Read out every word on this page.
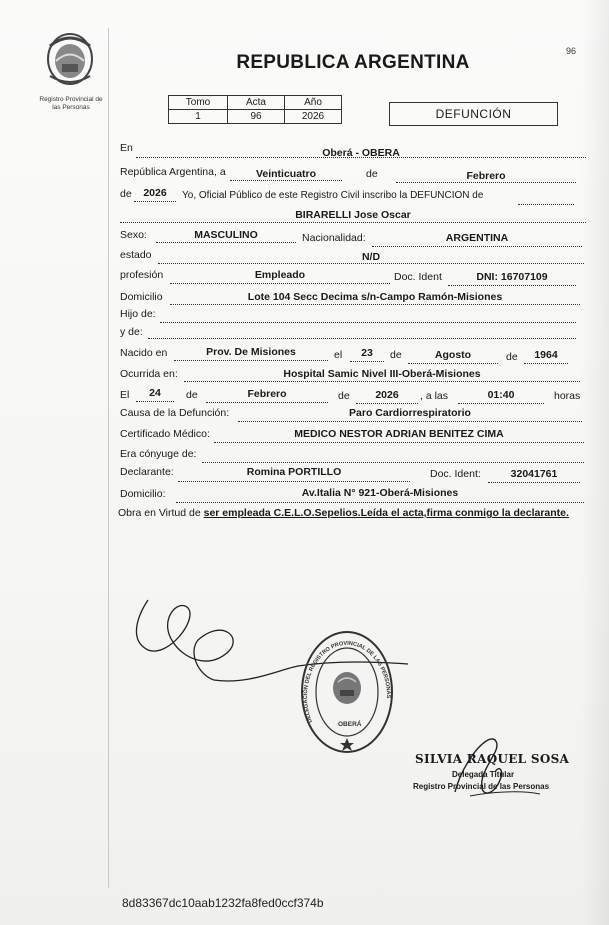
Registro Provincial de
las Personas
96
REPUBLICA ARGENTINA
Tomo	Acta	Año
1	96	2026	DEFUNCIÓN
En	Oberá - OBERA
República Argentina, a	Veinticuatro	de	Febrero
de	2026	Yo, Oficial Público de este Registro Civil inscribo la DEFUNCION de
BIRARELLI Jose Oscar
Sexo:	MASCULINO	Nacionalidad:	ARGENTINA
estado	N/D
profesión	Empleado	Doc. Ident	DNI: 16707109
Domicilio	Lote 104 Secc Decima s/n-Campo Ramón-Misiones
Hijo de:
y de:
Nacido en	Prov. De Misiones	el	23	de	Agosto	de	1964
Ocurrida en:	Hospital Samic Nivel III-Oberá-Misiones
El	24	de	Febrero	de	2026	, a las	01:40	horas
Causa de la Defunción:	Paro Cardiorrespiratorio
Certificado Médico:	MEDICO NESTOR ADRIAN BENITEZ CIMA
Era cónyuge de:
Declarante:	Romina PORTILLO	Doc. Ident:	32041761
Domicilio:	Av.Italia N° 921-Oberá-Misiones
Obra en Virtud de ser empleada C.E.L.O.Sepelios.Leída el acta,firma conmigo la declarante.
DELEGACION DEL REGISTRO PROVINCIAL DE LAS PERSONAS
OBERÁ
SILVIA RAQUEL SOSA
Delegada Titular
Registro Provincial de las Personas
8d83367dc10aab1232fa8fed0ccf374b
